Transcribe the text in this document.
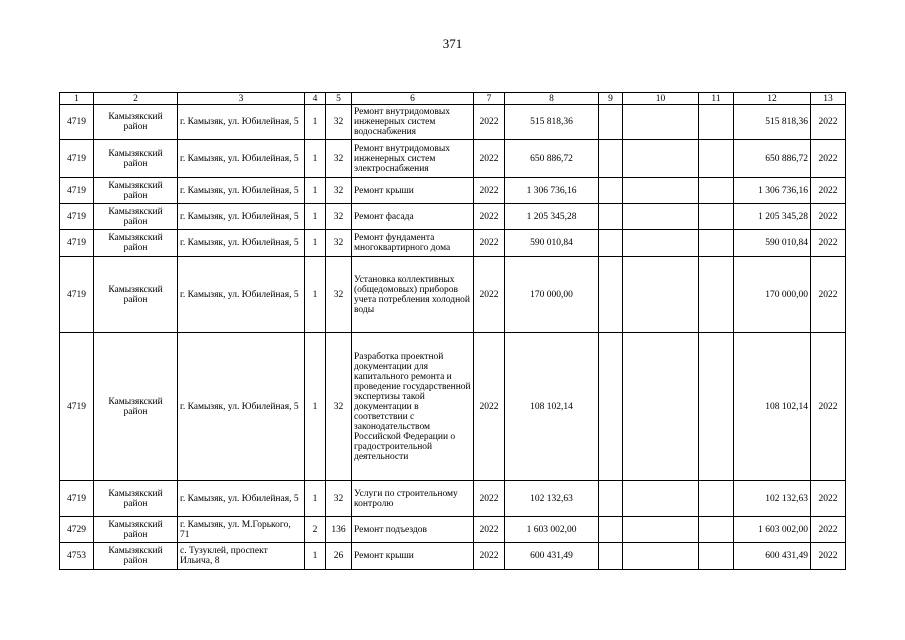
371
1	2	3	4	5	6	7	8	9	10	11	12	13
4719	Камызякский район	г. Камызяк, ул. Юбилейная, 5	1	32	Ремонт внутридомовых инженерных систем водоснабжения	2022	515 818,36				515 818,36	2022
4719	Камызякский район	г. Камызяк, ул. Юбилейная, 5	1	32	Ремонт внутридомовых инженерных систем электроснабжения	2022	650 886,72				650 886,72	2022
4719	Камызякский район	г. Камызяк, ул. Юбилейная, 5	1	32	Ремонт крыши	2022	1 306 736,16				1 306 736,16	2022
4719	Камызякский район	г. Камызяк, ул. Юбилейная, 5	1	32	Ремонт фасада	2022	1 205 345,28				1 205 345,28	2022
4719	Камызякский район	г. Камызяк, ул. Юбилейная, 5	1	32	Ремонт фундамента многоквартирного дома	2022	590 010,84				590 010,84	2022
4719	Камызякский район	г. Камызяк, ул. Юбилейная, 5	1	32	Установка коллективных (общедомовых) приборов учета потребления холодной воды	2022	170 000,00				170 000,00	2022
4719	Камызякский район	г. Камызяк, ул. Юбилейная, 5	1	32	Разработка проектной документации для капитального ремонта и проведение государственной экспертизы такой документации в соответствии с законодательством Российской Федерации о градостроительной деятельности	2022	108 102,14				108 102,14	2022
4719	Камызякский район	г. Камызяк, ул. Юбилейная, 5	1	32	Услуги по строительному контролю	2022	102 132,63				102 132,63	2022
4729	Камызякский район	г. Камызяк, ул. М.Горького, 71	2	136	Ремонт подъездов	2022	1 603 002,00				1 603 002,00	2022
4753	Камызякский район	с. Тузуклей, проспект Ильича, 8	1	26	Ремонт крыши	2022	600 431,49				600 431,49	2022
